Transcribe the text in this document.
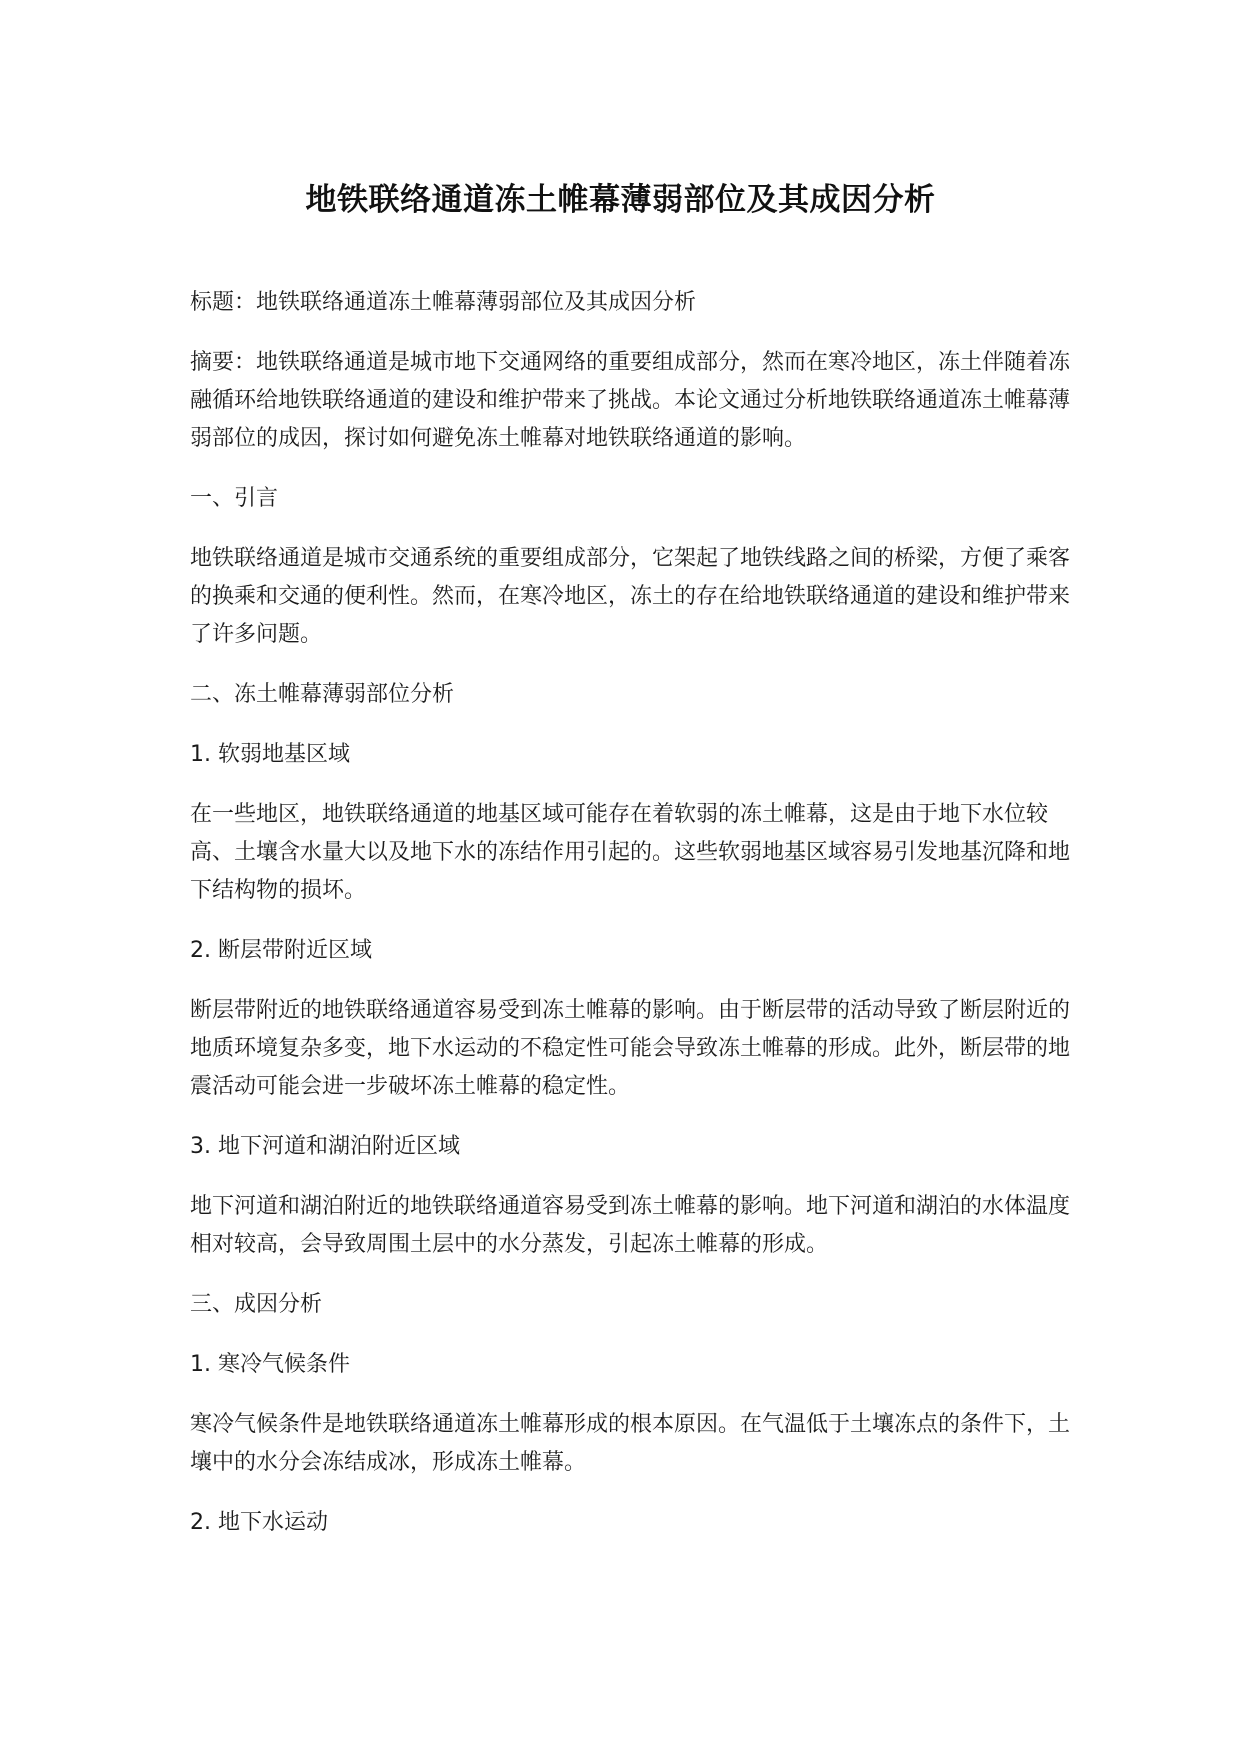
地铁联络通道冻土帷幕薄弱部位及其成因分析

标题：地铁联络通道冻土帷幕薄弱部位及其成因分析

摘要：地铁联络通道是城市地下交通网络的重要组成部分，然而在寒冷地区，冻土伴随着冻融循环给地铁联络通道的建设和维护带来了挑战。本论文通过分析地铁联络通道冻土帷幕薄弱部位的成因，探讨如何避免冻土帷幕对地铁联络通道的影响。

一、引言

地铁联络通道是城市交通系统的重要组成部分，它架起了地铁线路之间的桥梁，方便了乘客的换乘和交通的便利性。然而，在寒冷地区，冻土的存在给地铁联络通道的建设和维护带来了许多问题。

二、冻土帷幕薄弱部位分析

1. 软弱地基区域

在一些地区，地铁联络通道的地基区域可能存在着软弱的冻土帷幕，这是由于地下水位较高、土壤含水量大以及地下水的冻结作用引起的。这些软弱地基区域容易引发地基沉降和地下结构物的损坏。

2. 断层带附近区域

断层带附近的地铁联络通道容易受到冻土帷幕的影响。由于断层带的活动导致了断层附近的地质环境复杂多变，地下水运动的不稳定性可能会导致冻土帷幕的形成。此外，断层带的地震活动可能会进一步破坏冻土帷幕的稳定性。

3. 地下河道和湖泊附近区域

地下河道和湖泊附近的地铁联络通道容易受到冻土帷幕的影响。地下河道和湖泊的水体温度相对较高，会导致周围土层中的水分蒸发，引起冻土帷幕的形成。

三、成因分析

1. 寒冷气候条件

寒冷气候条件是地铁联络通道冻土帷幕形成的根本原因。在气温低于土壤冻点的条件下，土壤中的水分会冻结成冰，形成冻土帷幕。

2. 地下水运动
